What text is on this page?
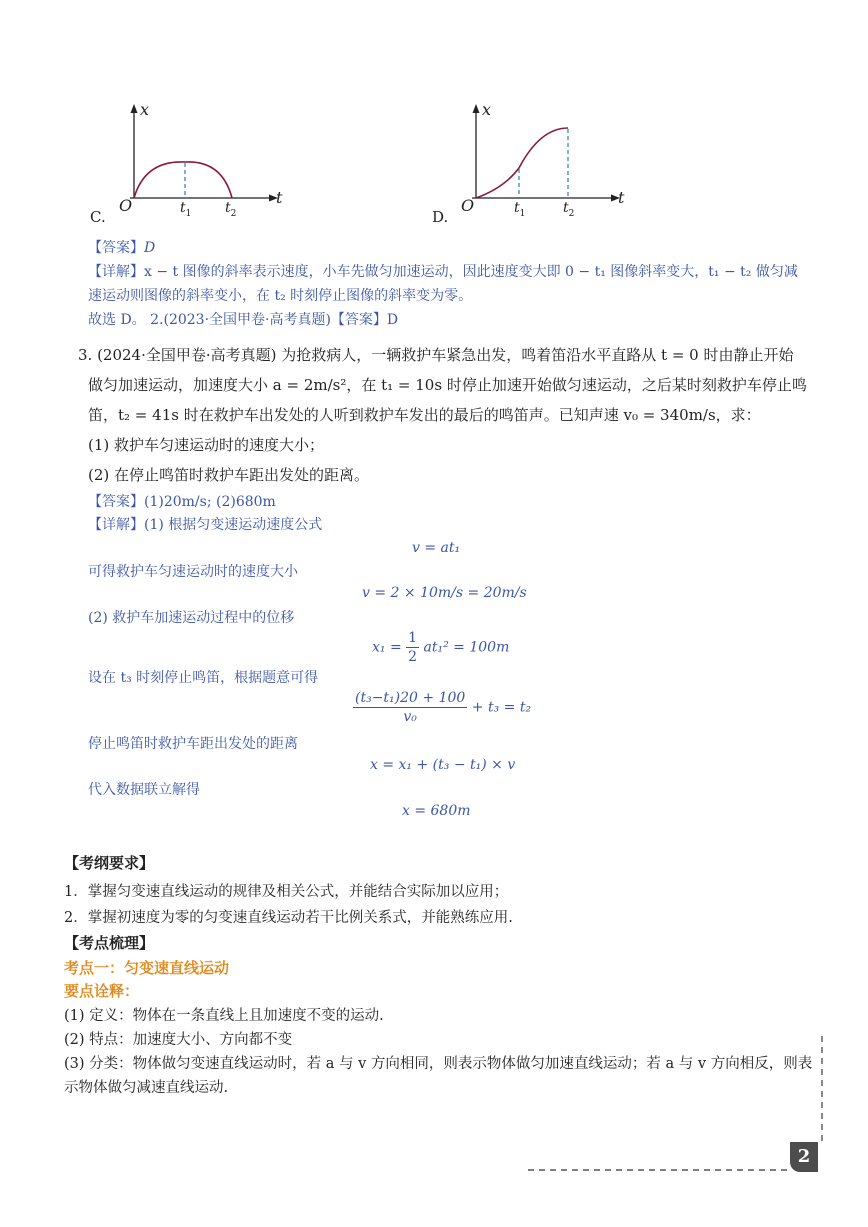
x
t
O	$t_1$ $t_2$
C.
x
t
O	$t_1$	$t_2$
D.
【答案】D
【详解】x − t 图像的斜率表示速度，小车先做匀加速运动，因此速度变大即 0 − t₁ 图像斜率变大，t₁ − t₂ 做匀减
速运动则图像的斜率变小，在 t₂ 时刻停止图像的斜率变为零。
故选 D。 2.(2023·全国甲卷·高考真题)【答案】D
3. (2024·全国甲卷·高考真题) 为抢救病人，一辆救护车紧急出发，鸣着笛沿水平直路从 t = 0 时由静止开始
做匀加速运动，加速度大小 a = 2m/s²，在 t₁ = 10s 时停止加速开始做匀速运动，之后某时刻救护车停止鸣
笛，t₂ = 41s 时在救护车出发处的人听到救护车发出的最后的鸣笛声。已知声速 v₀ = 340m/s，求：
(1) 救护车匀速运动时的速度大小；
(2) 在停止鸣笛时救护车距出发处的距离。
【答案】(1)20m/s; (2)680m
【详解】(1) 根据匀变速运动速度公式
v = at₁
可得救护车匀速运动时的速度大小
v = 2 × 10m/s = 20m/s
(2) 救护车加速运动过程中的位移
$x_1 = \frac{1}{2} at_1^2 = 100m$
设在 t₃ 时刻停止鸣笛，根据题意可得
$\frac{\text{(t₃−t₁)20 + 100}}{\text{v₀}} + t_3 = t_2$
停止鸣笛时救护车距出发处的距离
x = x₁ + (t₃ − t₁) × v
代入数据联立解得
x = 680m
【考纲要求】
1．掌握匀变速直线运动的规律及相关公式，并能结合实际加以应用；
2．掌握初速度为零的匀变速直线运动若干比例关系式，并能熟练应用.
【考点梳理】
考点一：匀变速直线运动
要点诠释：
(1) 定义：物体在一条直线上且加速度不变的运动.
(2) 特点：加速度大小、方向都不变
(3) 分类：物体做匀变速直线运动时，若 a 与 v 方向相同，则表示物体做匀加速直线运动；若 a 与 v 方向相反，则表
示物体做匀减速直线运动.
2
